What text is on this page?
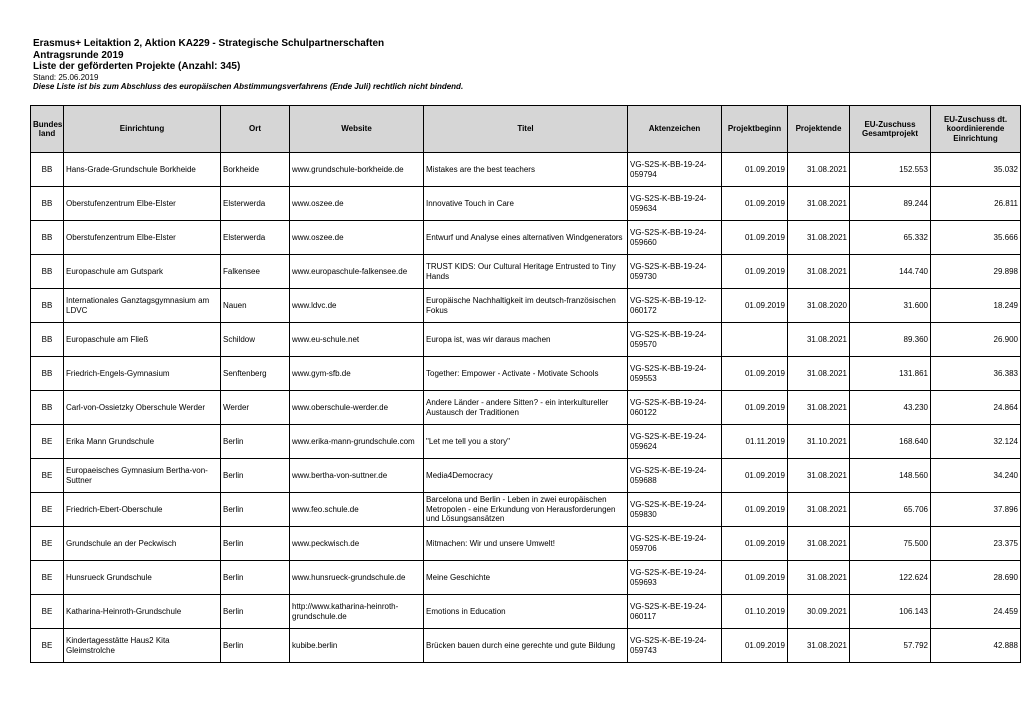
Erasmus+ Leitaktion 2, Aktion KA229 - Strategische Schulpartnerschaften
Antragsrunde 2019
Liste der geförderten Projekte (Anzahl: 345)
Stand: 25.06.2019
Diese Liste ist bis zum Abschluss des europäischen Abstimmungsverfahrens (Ende Juli) rechtlich nicht bindend.
Bundes land	Einrichtung	Ort	Website	Titel	Aktenzeichen	Projektbeginn	Projektende	EU-Zuschuss Gesamtprojekt	EU-Zuschuss dt. koordinierende Einrichtung
BB	Hans-Grade-Grundschule Borkheide	Borkheide	www.grundschule-borkheide.de	Mistakes are the best teachers	VG-S2S-K-BB-19-24-059794	01.09.2019	31.08.2021	152.553	35.032
BB	Oberstufenzentrum Elbe-Elster	Elsterwerda	www.oszee.de	Innovative Touch in Care	VG-S2S-K-BB-19-24-059634	01.09.2019	31.08.2021	89.244	26.811
BB	Oberstufenzentrum Elbe-Elster	Elsterwerda	www.oszee.de	Entwurf und Analyse eines alternativen Windgenerators	VG-S2S-K-BB-19-24-059660	01.09.2019	31.08.2021	65.332	35.666
BB	Europaschule am Gutspark	Falkensee	www.europaschule-falkensee.de	TRUST KIDS: Our Cultural Heritage Entrusted to Tiny Hands	VG-S2S-K-BB-19-24-059730	01.09.2019	31.08.2021	144.740	29.898
BB	Internationales Ganztagsgymnasium am LDVC	Nauen	www.ldvc.de	Europäische Nachhaltigkeit im deutsch-französischen Fokus	VG-S2S-K-BB-19-12-060172	01.09.2019	31.08.2020	31.600	18.249
BB	Europaschule am Fließ	Schildow	www.eu-schule.net	Europa ist, was wir daraus machen	VG-S2S-K-BB-19-24-059570		31.08.2021	89.360	26.900
BB	Friedrich-Engels-Gymnasium	Senftenberg	www.gym-sfb.de	Together: Empower - Activate - Motivate Schools	VG-S2S-K-BB-19-24-059553	01.09.2019	31.08.2021	131.861	36.383
BB	Carl-von-Ossietzky Oberschule Werder	Werder	www.oberschule-werder.de	Andere Länder - andere Sitten? - ein interkultureller Austausch der Traditionen	VG-S2S-K-BB-19-24-060122	01.09.2019	31.08.2021	43.230	24.864
BE	Erika Mann Grundschule	Berlin	www.erika-mann-grundschule.com	"Let me tell you a story"	VG-S2S-K-BE-19-24-059624	01.11.2019	31.10.2021	168.640	32.124
BE	Europaeisches Gymnasium Bertha-von-Suttner	Berlin	www.bertha-von-suttner.de	Media4Democracy	VG-S2S-K-BE-19-24-059688	01.09.2019	31.08.2021	148.560	34.240
BE	Friedrich-Ebert-Oberschule	Berlin	www.feo.schule.de	Barcelona und Berlin - Leben in zwei europäischen Metropolen - eine Erkundung von Herausforderungen und Lösungsansätzen	VG-S2S-K-BE-19-24-059830	01.09.2019	31.08.2021	65.706	37.896
BE	Grundschule an der Peckwisch	Berlin	www.peckwisch.de	Mitmachen: Wir und unsere Umwelt!	VG-S2S-K-BE-19-24-059706	01.09.2019	31.08.2021	75.500	23.375
BE	Hunsrueck Grundschule	Berlin	www.hunsrueck-grundschule.de	Meine Geschichte	VG-S2S-K-BE-19-24-059693	01.09.2019	31.08.2021	122.624	28.690
BE	Katharina-Heinroth-Grundschule	Berlin	http://www.katharina-heinroth-grundschule.de	Emotions in Education	VG-S2S-K-BE-19-24-060117	01.10.2019	30.09.2021	106.143	24.459
BE	Kindertagesstätte Haus2 Kita Gleimstrolche	Berlin	kubibe.berlin	Brücken bauen durch eine gerechte und gute Bildung	VG-S2S-K-BE-19-24-059743	01.09.2019	31.08.2021	57.792	42.888
